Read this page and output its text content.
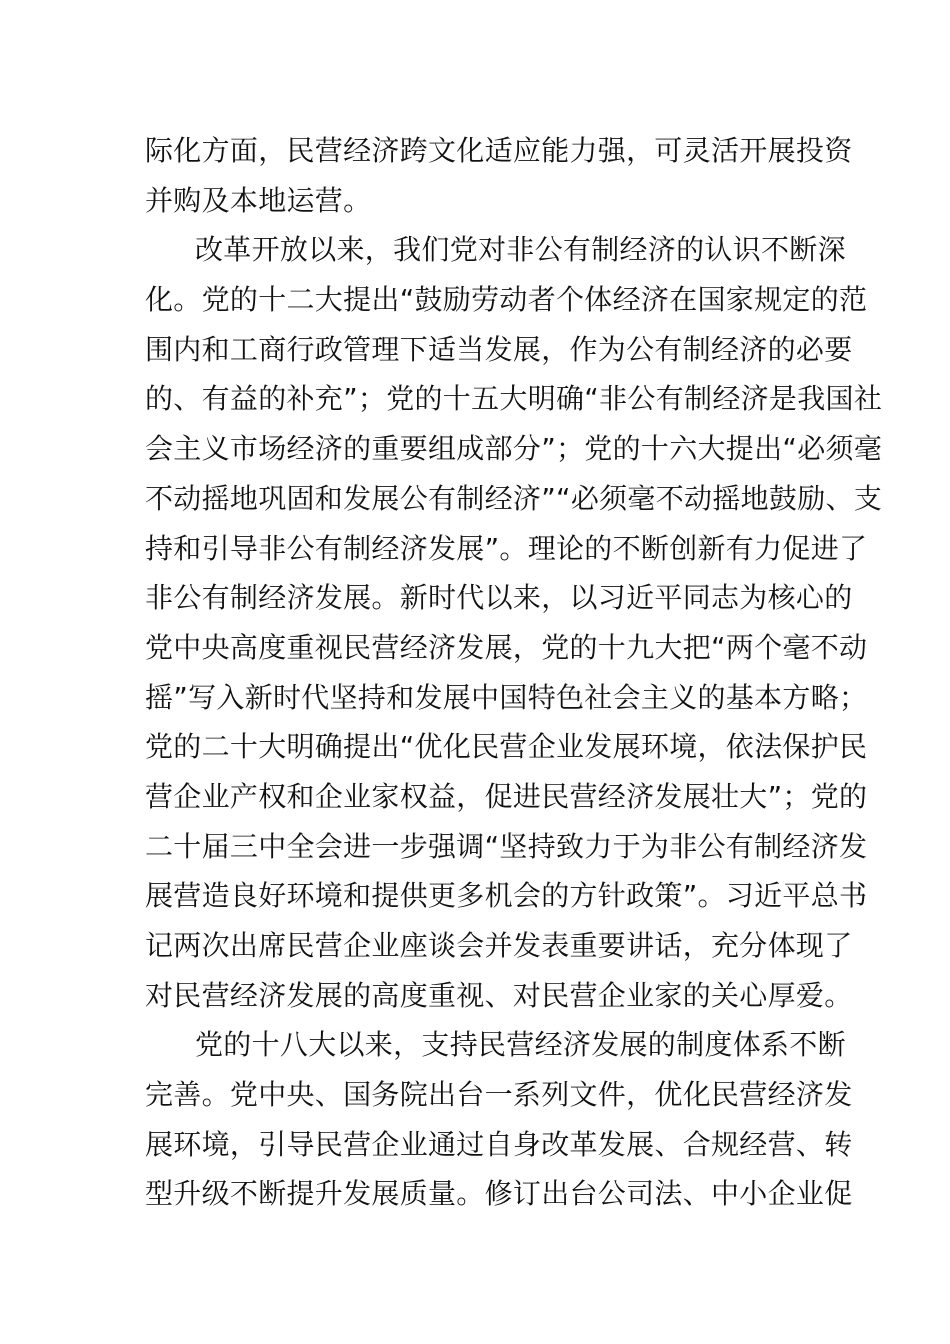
际化方面，民营经济跨文化适应能力强，可灵活开展投资
并购及本地运营。
改革开放以来，我们党对非公有制经济的认识不断深
化。党的十二大提出“鼓励劳动者个体经济在国家规定的范
围内和工商行政管理下适当发展，作为公有制经济的必要
的、有益的补充”；党的十五大明确“非公有制经济是我国社
会主义市场经济的重要组成部分”；党的十六大提出“必须毫
不动摇地巩固和发展公有制经济”“必须毫不动摇地鼓励、支
持和引导非公有制经济发展”。理论的不断创新有力促进了
非公有制经济发展。新时代以来，以习近平同志为核心的
党中央高度重视民营经济发展，党的十九大把“两个毫不动
摇”写入新时代坚持和发展中国特色社会主义的基本方略；
党的二十大明确提出“优化民营企业发展环境，依法保护民
营企业产权和企业家权益，促进民营经济发展壮大”；党的
二十届三中全会进一步强调“坚持致力于为非公有制经济发
展营造良好环境和提供更多机会的方针政策”。习近平总书
记两次出席民营企业座谈会并发表重要讲话，充分体现了
对民营经济发展的高度重视、对民营企业家的关心厚爱。
党的十八大以来，支持民营经济发展的制度体系不断
完善。党中央、国务院出台一系列文件，优化民营经济发
展环境，引导民营企业通过自身改革发展、合规经营、转
型升级不断提升发展质量。修订出台公司法、中小企业促
